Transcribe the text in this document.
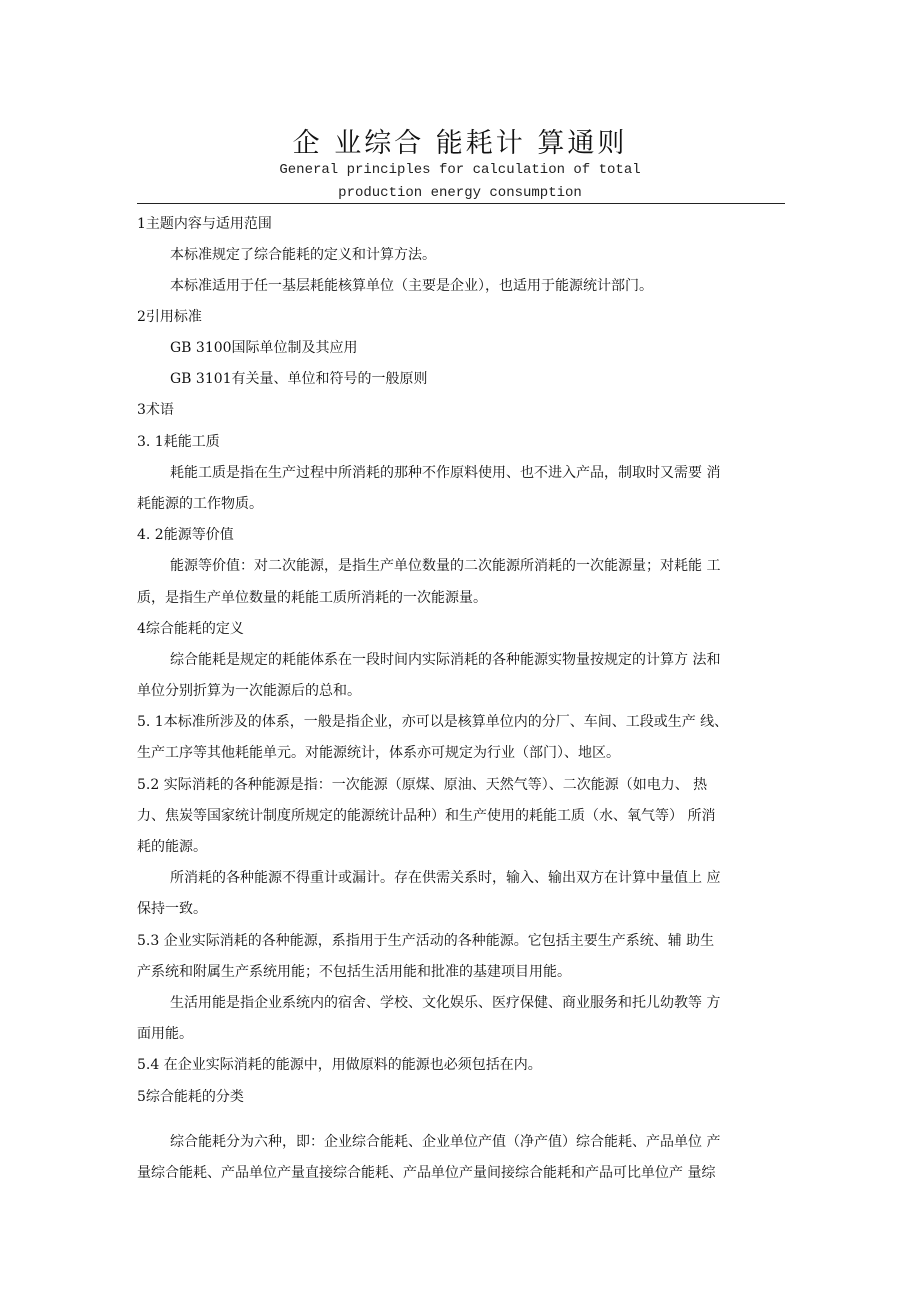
企 业综合 能耗计 算通则
General principles for calculation of total
production energy consumption
1主题内容与适用范围
本标准规定了综合能耗的定义和计算方法。
本标准适用于任一基层耗能核算单位（主要是企业），也适用于能源统计部门。
2引用标准
GB 3100国际单位制及其应用
GB 3101有关量、单位和符号的一般原则
3术语
3. 1耗能工质
耗能工质是指在生产过程中所消耗的那种不作原料使用、也不进入产品，制取时又需要 消
耗能源的工作物质。
4. 2能源等价值
能源等价值：对二次能源，是指生产单位数量的二次能源所消耗的一次能源量；对耗能 工
质，是指生产单位数量的耗能工质所消耗的一次能源量。
4综合能耗的定义
综合能耗是规定的耗能体系在一段时间内实际消耗的各种能源实物量按规定的计算方 法和
单位分别折算为一次能源后的总和。
5. 1本标准所涉及的体系，一般是指企业，亦可以是核算单位内的分厂、车间、工段或生产 线、
生产工序等其他耗能单元。对能源统计，体系亦可规定为行业（部门）、地区。
5.2 实际消耗的各种能源是指：一次能源（原煤、原油、天然气等）、二次能源（如电力、 热
力、焦炭等国家统计制度所规定的能源统计品种）和生产使用的耗能工质（水、氧气等） 所消
耗的能源。
所消耗的各种能源不得重计或漏计。存在供需关系时，输入、输出双方在计算中量值上 应
保持一致。
5.3 企业实际消耗的各种能源，系指用于生产活动的各种能源。它包括主要生产系统、辅 助生
产系统和附属生产系统用能；不包括生活用能和批准的基建项目用能。
生活用能是指企业系统内的宿舍、学校、文化娱乐、医疗保健、商业服务和托儿幼教等 方
面用能。
5.4 在企业实际消耗的能源中，用做原料的能源也必须包括在内。
5综合能耗的分类
综合能耗分为六种，即：企业综合能耗、企业单位产值（净产值）综合能耗、产品单位 产
量综合能耗、产品单位产量直接综合能耗、产品单位产量间接综合能耗和产品可比单位产 量综
